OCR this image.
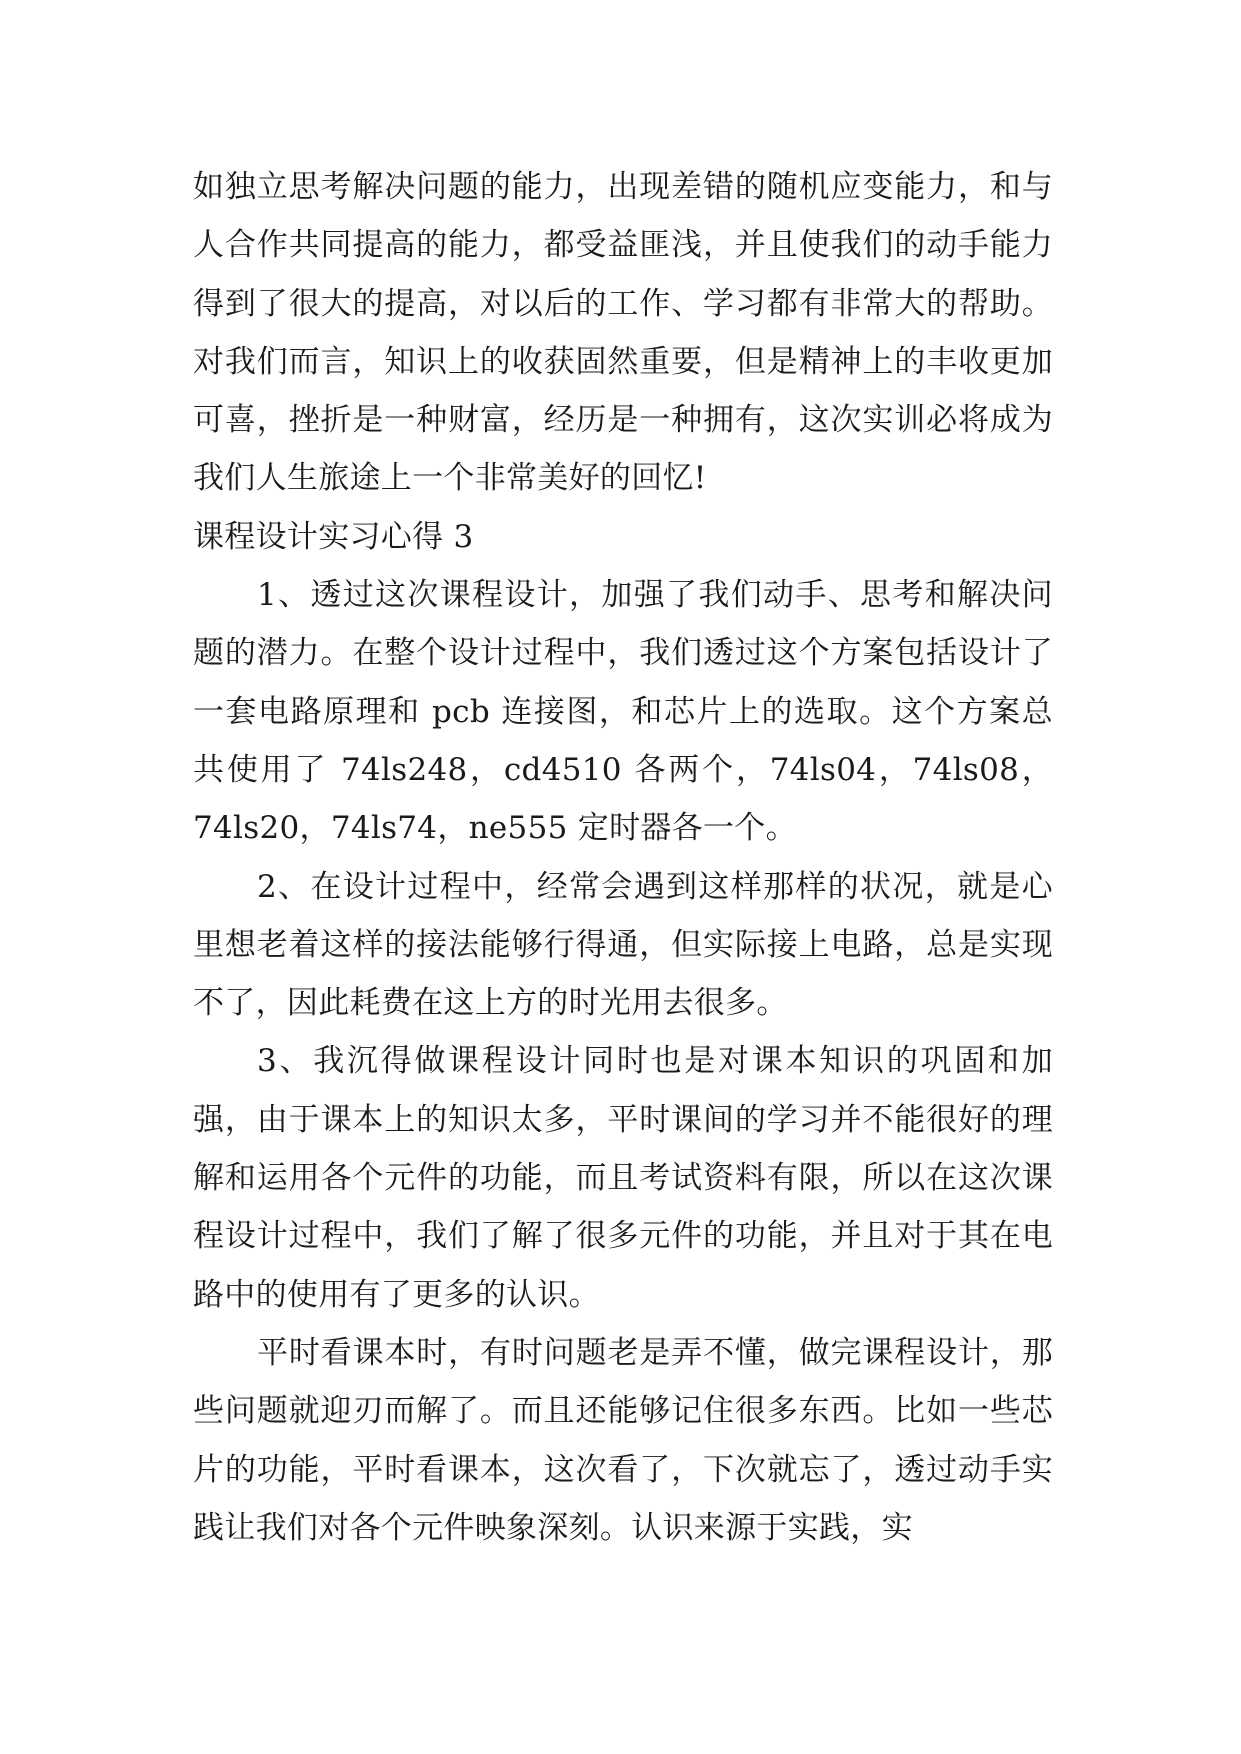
如独立思考解决问题的能力，出现差错的随机应变能力，和与人合作共同提高的能力，都受益匪浅，并且使我们的动手能力得到了很大的提高，对以后的工作、学习都有非常大的帮助。对我们而言，知识上的收获固然重要，但是精神上的丰收更加可喜，挫折是一种财富，经历是一种拥有，这次实训必将成为我们人生旅途上一个非常美好的回忆!

课程设计实习心得 3

1、透过这次课程设计，加强了我们动手、思考和解决问题的潜力。在整个设计过程中，我们透过这个方案包括设计了一套电路原理和 pcb 连接图，和芯片上的选取。这个方案总共使用了 74ls248，cd4510 各两个，74ls04，74ls08，74ls20，74ls74，ne555 定时器各一个。

2、在设计过程中，经常会遇到这样那样的状况，就是心里想老着这样的接法能够行得通，但实际接上电路，总是实现不了，因此耗费在这上方的时光用去很多。

3、我沉得做课程设计同时也是对课本知识的巩固和加强，由于课本上的知识太多，平时课间的学习并不能很好的理解和运用各个元件的功能，而且考试资料有限，所以在这次课程设计过程中，我们了解了很多元件的功能，并且对于其在电路中的使用有了更多的认识。

平时看课本时，有时问题老是弄不懂，做完课程设计，那些问题就迎刃而解了。而且还能够记住很多东西。比如一些芯片的功能，平时看课本，这次看了，下次就忘了，透过动手实践让我们对各个元件映象深刻。认识来源于实践，实
